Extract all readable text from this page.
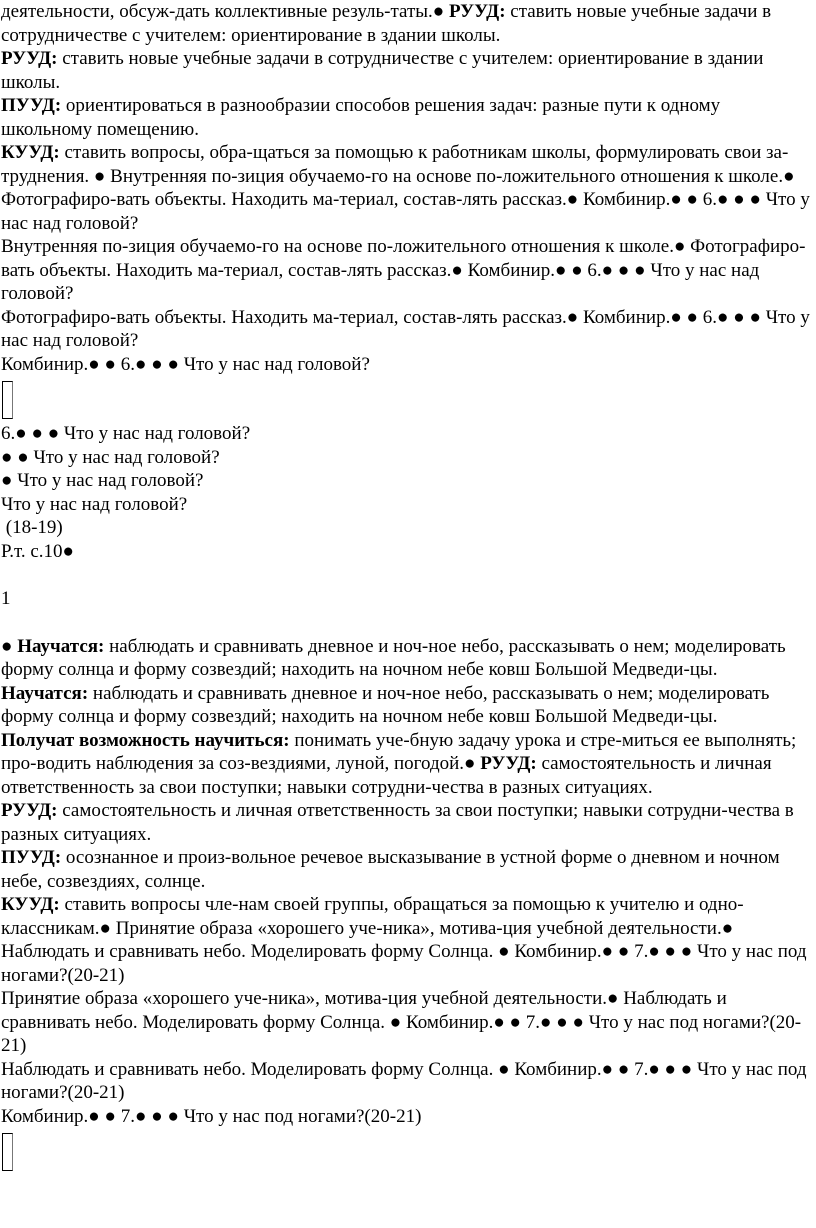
деятельности, обсуж-дать коллективные резуль-таты.● РУУД: ставить новые учебные задачи в сотрудничестве с учителем: ориентирование в здании школы.

РУУД: ставить новые учебные задачи в сотрудничестве с учителем: ориентирование в здании школы.

ПУУД: ориентироваться в разнообразии способов решения задач: разные пути к одному школьному помещению.

КУУД: ставить вопросы, обра-щаться за помощью к работникам школы, формулировать свои за-труднения. ● Внутренняя по-зиция обучаемо-го на основе по-ложительного отношения к школе.● Фотографиро-вать объекты. Находить ма-териал, состав-лять рассказ.● Комбинир.● ● 6.● ● ● Что у нас над головой?

Внутренняя по-зиция обучаемо-го на основе по-ложительного отношения к школе.● Фотографиро-вать объекты. Находить ма-териал, состав-лять рассказ.● Комбинир.● ● 6.● ● ● Что у нас над головой?

Фотографиро-вать объекты. Находить ма-териал, состав-лять рассказ.● Комбинир.● ● 6.● ● ● Что у нас над головой?

Комбинир.● ● 6.● ● ● Что у нас над головой?

6.● ● ● Что у нас над головой?

● ● Что у нас над головой?

● Что у нас над головой?

Что у нас над головой?

(18-19)

Р.т. с.10●

1

● Научатся: наблюдать и сравнивать дневное и ноч-ное небо, рассказывать о нем; моделировать форму солнца и форму созвездий; находить на ночном небе ковш Большой Медведи-цы.

Научатся: наблюдать и сравнивать дневное и ноч-ное небо, рассказывать о нем; моделировать форму солнца и форму созвездий; находить на ночном небе ковш Большой Медведи-цы.

Получат возможность научиться: понимать уче-бную задачу урока и стре-миться ее выполнять; про-водить наблюдения за соз-вездиями, луной, погодой.● РУУД: самостоятельность и личная ответственность за свои поступки; навыки сотрудни-чества в разных ситуациях.

РУУД: самостоятельность и личная ответственность за свои поступки; навыки сотрудни-чества в разных ситуациях.

ПУУД: осознанное и произ-вольное речевое высказывание в устной форме о дневном и ночном небе, созвездиях, солнце.

КУУД: ставить вопросы чле-нам своей группы, обращаться за помощью к учителю и одно-классникам.● Принятие образа «хорошего уче-ника», мотива-ция учебной деятельности.● Наблюдать и сравнивать небо. Моделировать форму Солнца. ● Комбинир.● ● 7.● ● ● Что у нас под ногами?(20-21)

Принятие образа «хорошего уче-ника», мотива-ция учебной деятельности.● Наблюдать и сравнивать небо. Моделировать форму Солнца. ● Комбинир.● ● 7.● ● ● Что у нас под ногами?(20-21)

Наблюдать и сравнивать небо. Моделировать форму Солнца. ● Комбинир.● ● 7.● ● ● Что у нас под ногами?(20-21)

Комбинир.● ● 7.● ● ● Что у нас под ногами?(20-21)
